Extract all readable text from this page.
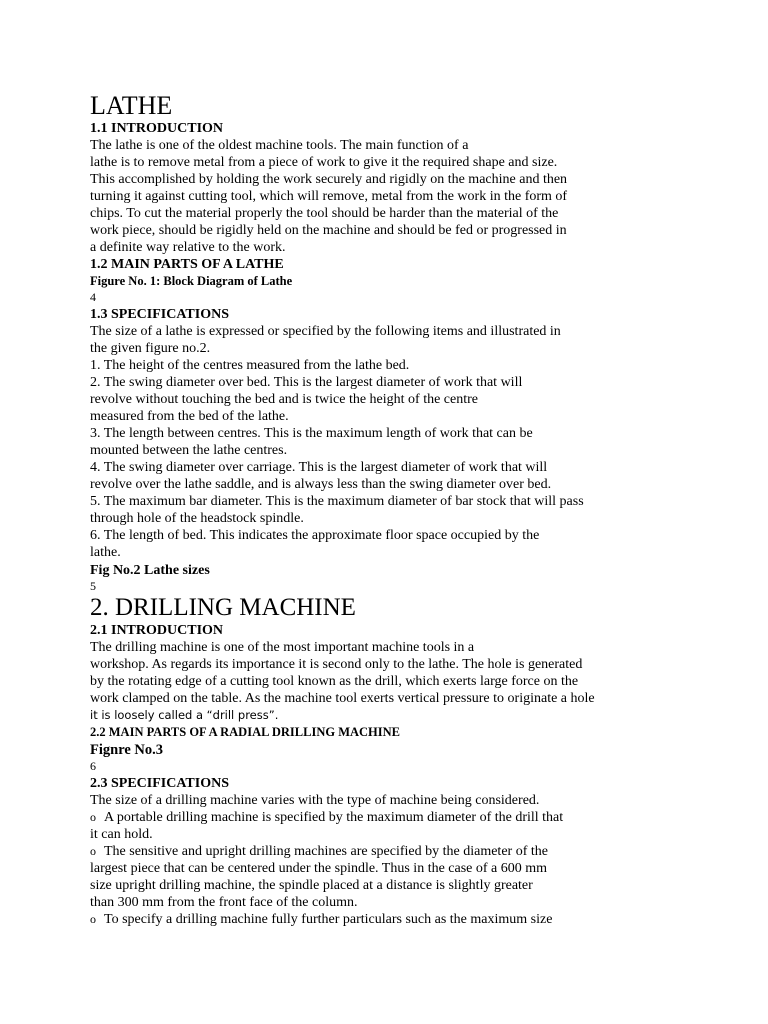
LATHE
1.1 INTRODUCTION
The lathe is one of the oldest machine tools. The main function of a
lathe is to remove metal from a piece of work to give it the required shape and size.
This accomplished by holding the work securely and rigidly on the machine and then
turning it against cutting tool, which will remove, metal from the work in the form of
chips. To cut the material properly the tool should be harder than the material of the
work piece, should be rigidly held on the machine and should be fed or progressed in
a definite way relative to the work.
1.2 MAIN PARTS OF A LATHE
Figure No. 1: Block Diagram of Lathe
4
1.3 SPECIFICATIONS
The size of a lathe is expressed or specified by the following items and illustrated in
the given figure no.2.
1. The height of the centres measured from the lathe bed.
2. The swing diameter over bed. This is the largest diameter of work that will
revolve without touching the bed and is twice the height of the centre
measured from the bed of the lathe.
3. The length between centres. This is the maximum length of work that can be
mounted between the lathe centres.
4. The swing diameter over carriage. This is the largest diameter of work that will
revolve over the lathe saddle, and is always less than the swing diameter over bed.
5. The maximum bar diameter. This is the maximum diameter of bar stock that will pass
through hole of the headstock spindle.
6. The length of bed. This indicates the approximate floor space occupied by the
lathe.
Fig No.2 Lathe sizes
5
2. DRILLING MACHINE
2.1 INTRODUCTION
The drilling machine is one of the most important machine tools in a
workshop. As regards its importance it is second only to the lathe. The hole is generated
by the rotating edge of a cutting tool known as the drill, which exerts large force on the
work clamped on the table. As the machine tool exerts vertical pressure to originate a hole
it is loosely called a “drill press”.
2.2 MAIN PARTS OF A RADIAL DRILLING MACHINE
Fignre No.3
6
2.3 SPECIFICATIONS
The size of a drilling machine varies with the type of machine being considered.
o A portable drilling machine is specified by the maximum diameter of the drill that
it can hold.
o The sensitive and upright drilling machines are specified by the diameter of the
largest piece that can be centered under the spindle. Thus in the case of a 600 mm
size upright drilling machine, the spindle placed at a distance is slightly greater
than 300 mm from the front face of the column.
o To specify a drilling machine fully further particulars such as the maximum size
